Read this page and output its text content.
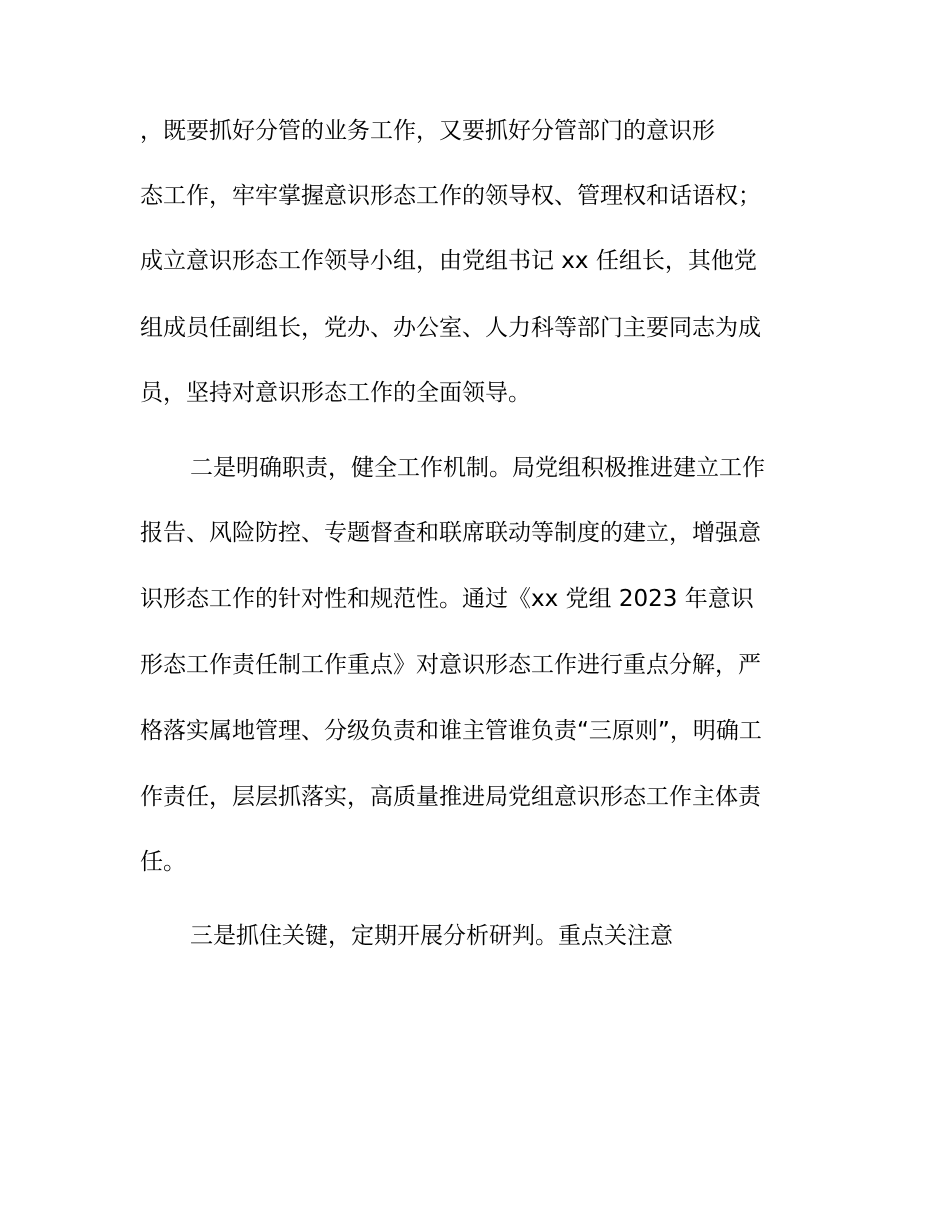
，既要抓好分管的业务工作，又要抓好分管部门的意识形
态工作，牢牢掌握意识形态工作的领导权、管理权和话语权；
成立意识形态工作领导小组，由党组书记 xx 任组长，其他党
组成员任副组长，党办、办公室、人力科等部门主要同志为成
员，坚持对意识形态工作的全面领导。
二是明确职责，健全工作机制。局党组积极推进建立工作
报告、风险防控、专题督查和联席联动等制度的建立，增强意
识形态工作的针对性和规范性。通过《xx 党组 2023 年意识
形态工作责任制工作重点》对意识形态工作进行重点分解，严
格落实属地管理、分级负责和谁主管谁负责“三原则”，明确工
作责任，层层抓落实，高质量推进局党组意识形态工作主体责
任。
三是抓住关键，定期开展分析研判。重点关注意
